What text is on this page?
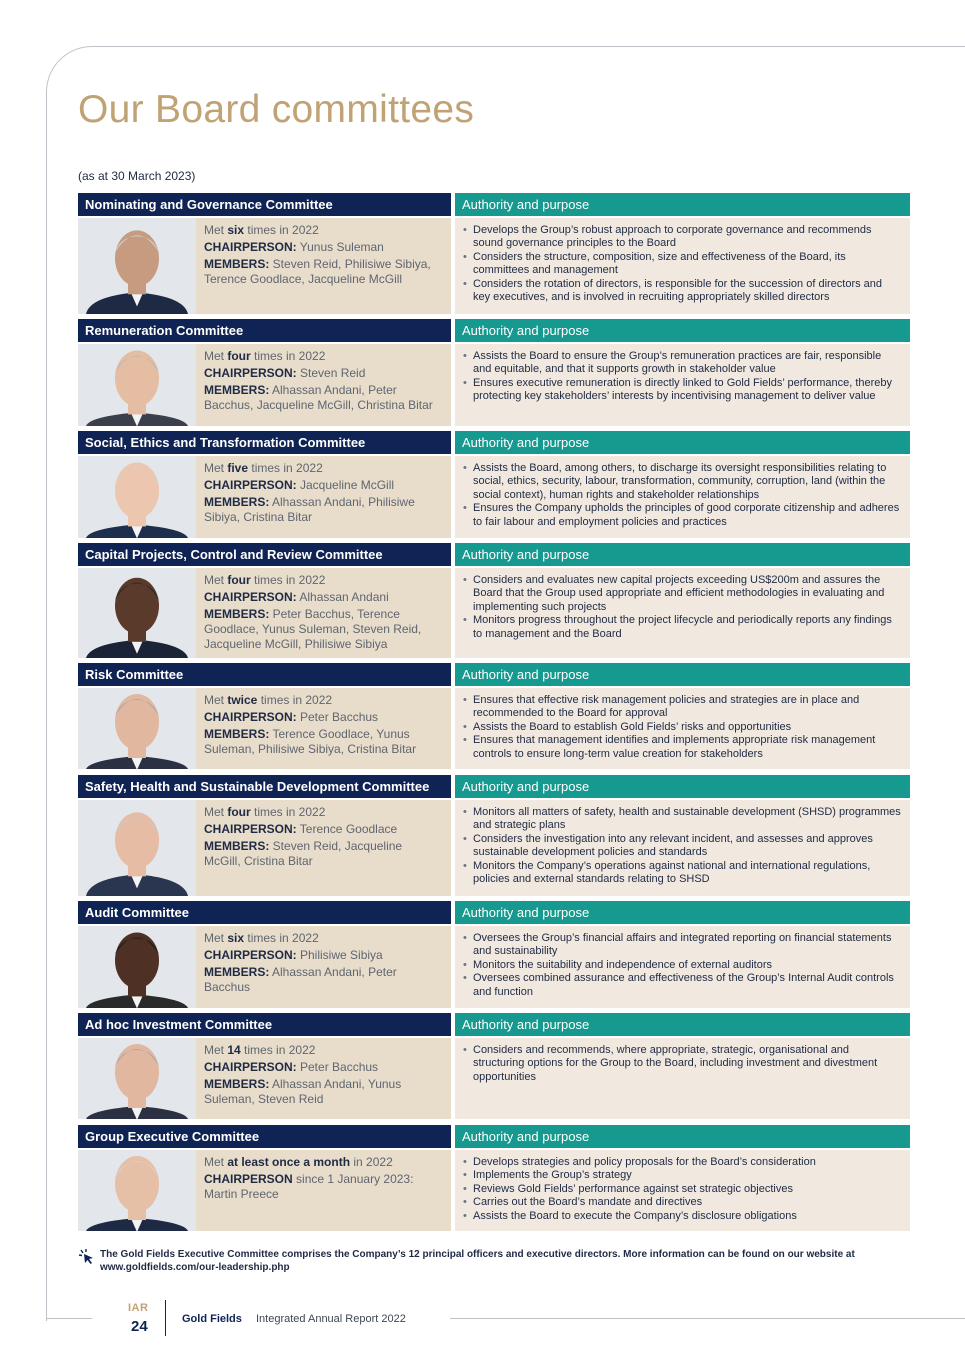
Our Board committees
(as at 30 March 2023)
Nominating and Governance Committee
Met six times in 2022
CHAIRPERSON: Yunus Suleman
MEMBERS: Steven Reid, Philisiwe Sibiya, Terence Goodlace, Jacqueline McGill
Authority and purpose
• Develops the Group’s robust approach to corporate governance and recommends sound governance principles to the Board
• Considers the structure, composition, size and effectiveness of the Board, its committees and management
• Considers the rotation of directors, is responsible for the succession of directors and key executives, and is involved in recruiting appropriately skilled directors
Remuneration Committee
Met four times in 2022
CHAIRPERSON: Steven Reid
MEMBERS: Alhassan Andani, Peter Bacchus, Jacqueline McGill, Christina Bitar
Authority and purpose
• Assists the Board to ensure the Group’s remuneration practices are fair, responsible and equitable, and that it supports growth in stakeholder value
• Ensures executive remuneration is directly linked to Gold Fields’ performance, thereby protecting key stakeholders’ interests by incentivising management to deliver value
Social, Ethics and Transformation Committee
Met five times in 2022
CHAIRPERSON: Jacqueline McGill
MEMBERS: Alhassan Andani, Philisiwe Sibiya, Cristina Bitar
Authority and purpose
• Assists the Board, among others, to discharge its oversight responsibilities relating to social, ethics, security, labour, transformation, community, corruption, land (within the social context), human rights and stakeholder relationships
• Ensures the Company upholds the principles of good corporate citizenship and adheres to fair labour and employment policies and practices
Capital Projects, Control and Review Committee
Met four times in 2022
CHAIRPERSON: Alhassan Andani
MEMBERS: Peter Bacchus, Terence Goodlace, Yunus Suleman, Steven Reid, Jacqueline McGill, Philisiwe Sibiya
Authority and purpose
• Considers and evaluates new capital projects exceeding US$200m and assures the Board that the Group used appropriate and efficient methodologies in evaluating and implementing such projects
• Monitors progress throughout the project lifecycle and periodically reports any findings to management and the Board
Risk Committee
Met twice times in 2022
CHAIRPERSON: Peter Bacchus
MEMBERS: Terence Goodlace, Yunus Suleman, Philisiwe Sibiya, Cristina Bitar
Authority and purpose
• Ensures that effective risk management policies and strategies are in place and recommended to the Board for approval
• Assists the Board to establish Gold Fields’ risks and opportunities
• Ensures that management identifies and implements appropriate risk management controls to ensure long-term value creation for stakeholders
Safety, Health and Sustainable Development Committee
Met four times in 2022
CHAIRPERSON: Terence Goodlace
MEMBERS: Steven Reid, Jacqueline McGill, Cristina Bitar
Authority and purpose
• Monitors all matters of safety, health and sustainable development (SHSD) programmes and strategic plans
• Considers the investigation into any relevant incident, and assesses and approves sustainable development policies and standards
• Monitors the Company’s operations against national and international regulations, policies and external standards relating to SHSD
Audit Committee
Met six times in 2022
CHAIRPERSON: Philisiwe Sibiya
MEMBERS: Alhassan Andani, Peter Bacchus
Authority and purpose
• Oversees the Group’s financial affairs and integrated reporting on financial statements and sustainability
• Monitors the suitability and independence of external auditors
• Oversees combined assurance and effectiveness of the Group’s Internal Audit controls and function
Ad hoc Investment Committee
Met 14 times in 2022
CHAIRPERSON: Peter Bacchus
MEMBERS: Alhassan Andani, Yunus Suleman, Steven Reid
Authority and purpose
• Considers and recommends, where appropriate, strategic, organisational and structuring options for the Group to the Board, including investment and divestment opportunities
Group Executive Committee
Met at least once a month in 2022
CHAIRPERSON since 1 January 2023: Martin Preece
Authority and purpose
• Develops strategies and policy proposals for the Board’s consideration
• Implements the Group’s strategy
• Reviews Gold Fields’ performance against set strategic objectives
• Carries out the Board’s mandate and directives
• Assists the Board to execute the Company’s disclosure obligations
The Gold Fields Executive Committee comprises the Company’s 12 principal officers and executive directors. More information can be found on our website at www.goldfields.com/our-leadership.php
IAR
24	Gold Fields Integrated Annual Report 2022
